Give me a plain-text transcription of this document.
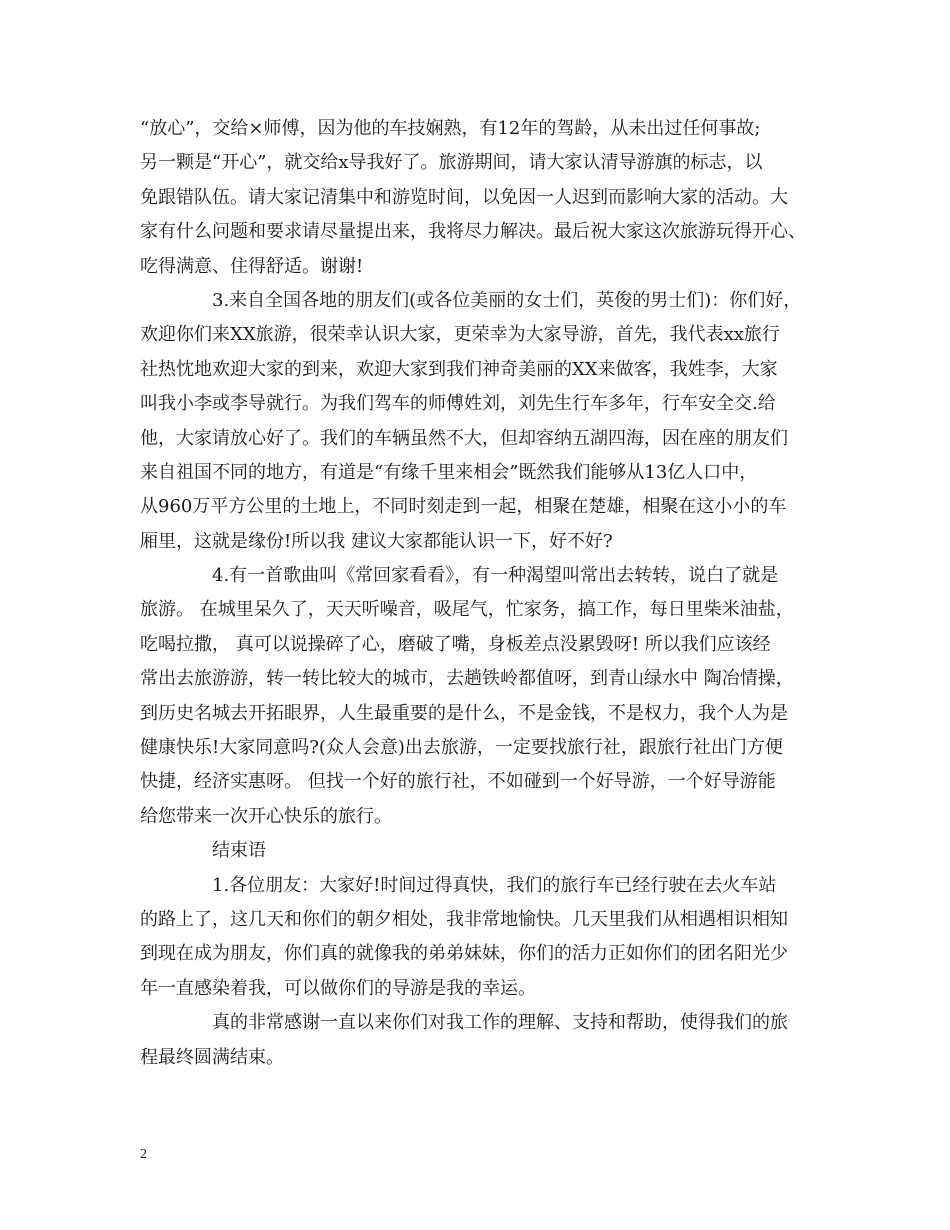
“放心”，交给×师傅，因为他的车技娴熟，有12年的驾龄，从未出过任何事故;
另一颗是“开心”，就交给x导我好了。旅游期间，请大家认清导游旗的标志，以
免跟错队伍。请大家记清集中和游览时间，以免因一人迟到而影响大家的活动。大
家有什么问题和要求请尽量提出来，我将尽力解决。最后祝大家这次旅游玩得开心、
吃得满意、住得舒适。谢谢!
3.来自全国各地的朋友们(或各位美丽的女士们，英俊的男士们)：你们好，
欢迎你们来XX旅游，很荣幸认识大家，更荣幸为大家导游，首先，我代表xx旅行
社热忱地欢迎大家的到来，欢迎大家到我们神奇美丽的XX来做客，我姓李，大家
叫我小李或李导就行。为我们驾车的师傅姓刘，刘先生行车多年，行车安全交.给
他，大家请放心好了。我们的车辆虽然不大，但却容纳五湖四海，因在座的朋友们
来自祖国不同的地方，有道是“有缘千里来相会”既然我们能够从13亿人口中，
从960万平方公里的土地上，不同时刻走到一起，相聚在楚雄，相聚在这小小的车
厢里，这就是缘份!所以我 建议大家都能认识一下，好不好?
4.有一首歌曲叫《常回家看看》，有一种渴望叫常出去转转，说白了就是
旅游。 在城里呆久了，天天听噪音，吸尾气，忙家务，搞工作，每日里柴米油盐，
吃喝拉撒， 真可以说操碎了心，磨破了嘴，身板差点没累毁呀! 所以我们应该经
常出去旅游游，转一转比较大的城市，去趟铁岭都值呀，到青山绿水中 陶冶情操，
到历史名城去开拓眼界，人生最重要的是什么，不是金钱，不是权力，我个人为是
健康快乐!大家同意吗?(众人会意)出去旅游，一定要找旅行社，跟旅行社出门方便
快捷，经济实惠呀。 但找一个好的旅行社，不如碰到一个好导游，一个好导游能
给您带来一次开心快乐的旅行。
结束语
1.各位朋友：大家好!时间过得真快，我们的旅行车已经行驶在去火车站
的路上了，这几天和你们的朝夕相处，我非常地愉快。几天里我们从相遇相识相知
到现在成为朋友，你们真的就像我的弟弟妹妹，你们的活力正如你们的团名阳光少
年一直感染着我，可以做你们的导游是我的幸运。
真的非常感谢一直以来你们对我工作的理解、支持和帮助，使得我们的旅
程最终圆满结束。
2
